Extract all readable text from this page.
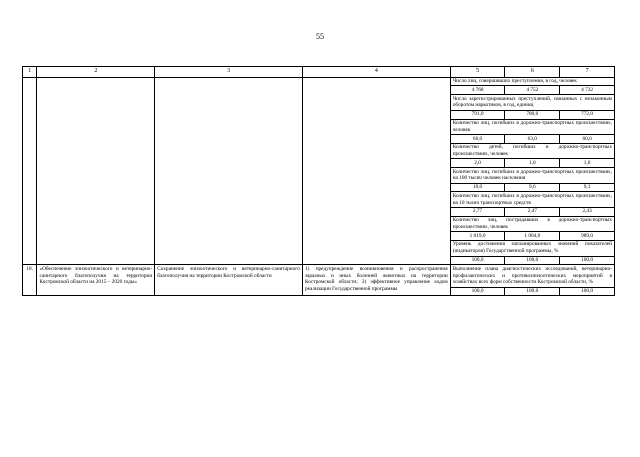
55
1	2	3	4	5	6	7
				Число лиц, совершивших преступления, в год, человек		
				4 768	4 752	4 732
				Число зарегистрированных преступлений, связанных с незаконным оборотом наркотиков, в год, единиц		
				791,0	780,0	772,0
				Количество лиц, погибших в дорожно-транспортных происшествиях, человек		
				66,0	63,0	60,0
				Количество детей, погибших в дорожно-транспортных происшествиях, человек		
				2,0	1,0	1,0
				Количество лиц, погибших в дорожно-транспортных происшествиях, на 100 тысяч человек населения		
				10,0	9,6	9,1
				Количество лиц, погибших в дорожно-транспортных происшествиях, на 10 тысяч транспортных средств		
				2,77	2,47	2,43
				Количество лиц, пострадавших в дорожно-транспортных происшествиях, человек		
				1 019,0	1 004,0	989,0
				Уровень достижения запланированных значений показателей (индикаторов) Государственной программы, %		
				100,0	100,0	100,0
18.	«Обеспечение эпизоотического и ветеринарно-санитарного благополучия на территории Костромской области на 2015 – 2020 годы»	Сохранение эпизоотического и ветеринарно-санитарного благополучия на территории Костромской области	1) предупреждение возникновения и распространения заразных и иных болезней животных на территории Костромской области; 2) эффективное управление ходом реализации Государственной программы	Выполнение плана диагностических исследований, ветеринарно-профилактических и противоэпизоотических мероприятий в хозяйствах всех форм собственности Костромской области, %		
				100,0	100,0	100,0
